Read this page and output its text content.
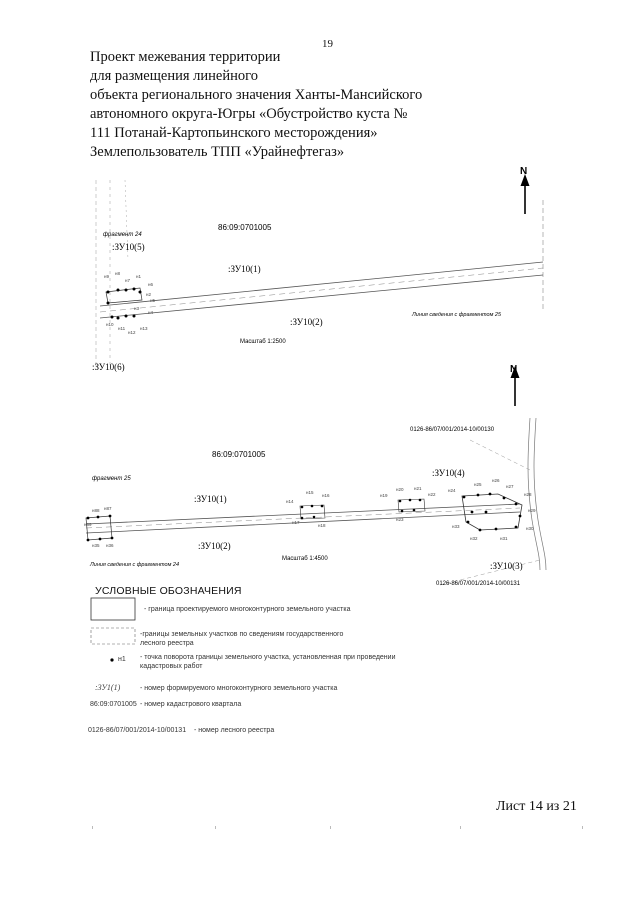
19
Проект межевания территории
для размещения линейного
объекта регионального значения Ханты-Мансийского
автономного округа-Югры «Обустройство куста №
111 Потанай-Картопьинского месторождения»
Землепользователь ТПП «Урайнефтегаз»
N
86:09:0701005
фрагмент 24
:ЗУ10(5)
:ЗУ10(1)
:ЗУ10(2)
:ЗУ10(6)
н9
н8
н7
н1
н6
н2
н5
н3
н4
н10
н11
н12
н13
Линия сведения с фрагментом 25
Масштаб 1:2500
N
86:09:0701005
фрагмент 25
0126-86/07/001/2014-10/00130
0126-86/07/001/2014-10/00131
:ЗУ10(4)
:ЗУ10(1)
:ЗУ10(2)
:ЗУ10(3)
н14
н15
н16
н17
н18
н19
н20 н21
н22
н23
н24
н25
н26
н27
н28
н29
н30
н31
н32
н33
н88 н87
н89
н35 н36
Линия сведения с фрагментом 24
Масштаб 1:4500
УСЛОВНЫЕ ОБОЗНАЧЕНИЯ
- граница проектируемого многоконтурного земельного участка
-границы земельных участков по сведениям государственного лесного реестра
н1 - точка поворота границы земельного участка, установленная при проведении кадастровых работ
:ЗУ1(1)	- номер формируемого многоконтурного земельного участка
86:09:0701005 - номер кадастрового квартала
0126-86/07/001/2014-10/00131 - номер лесного реестра
Лист 14 из 21
